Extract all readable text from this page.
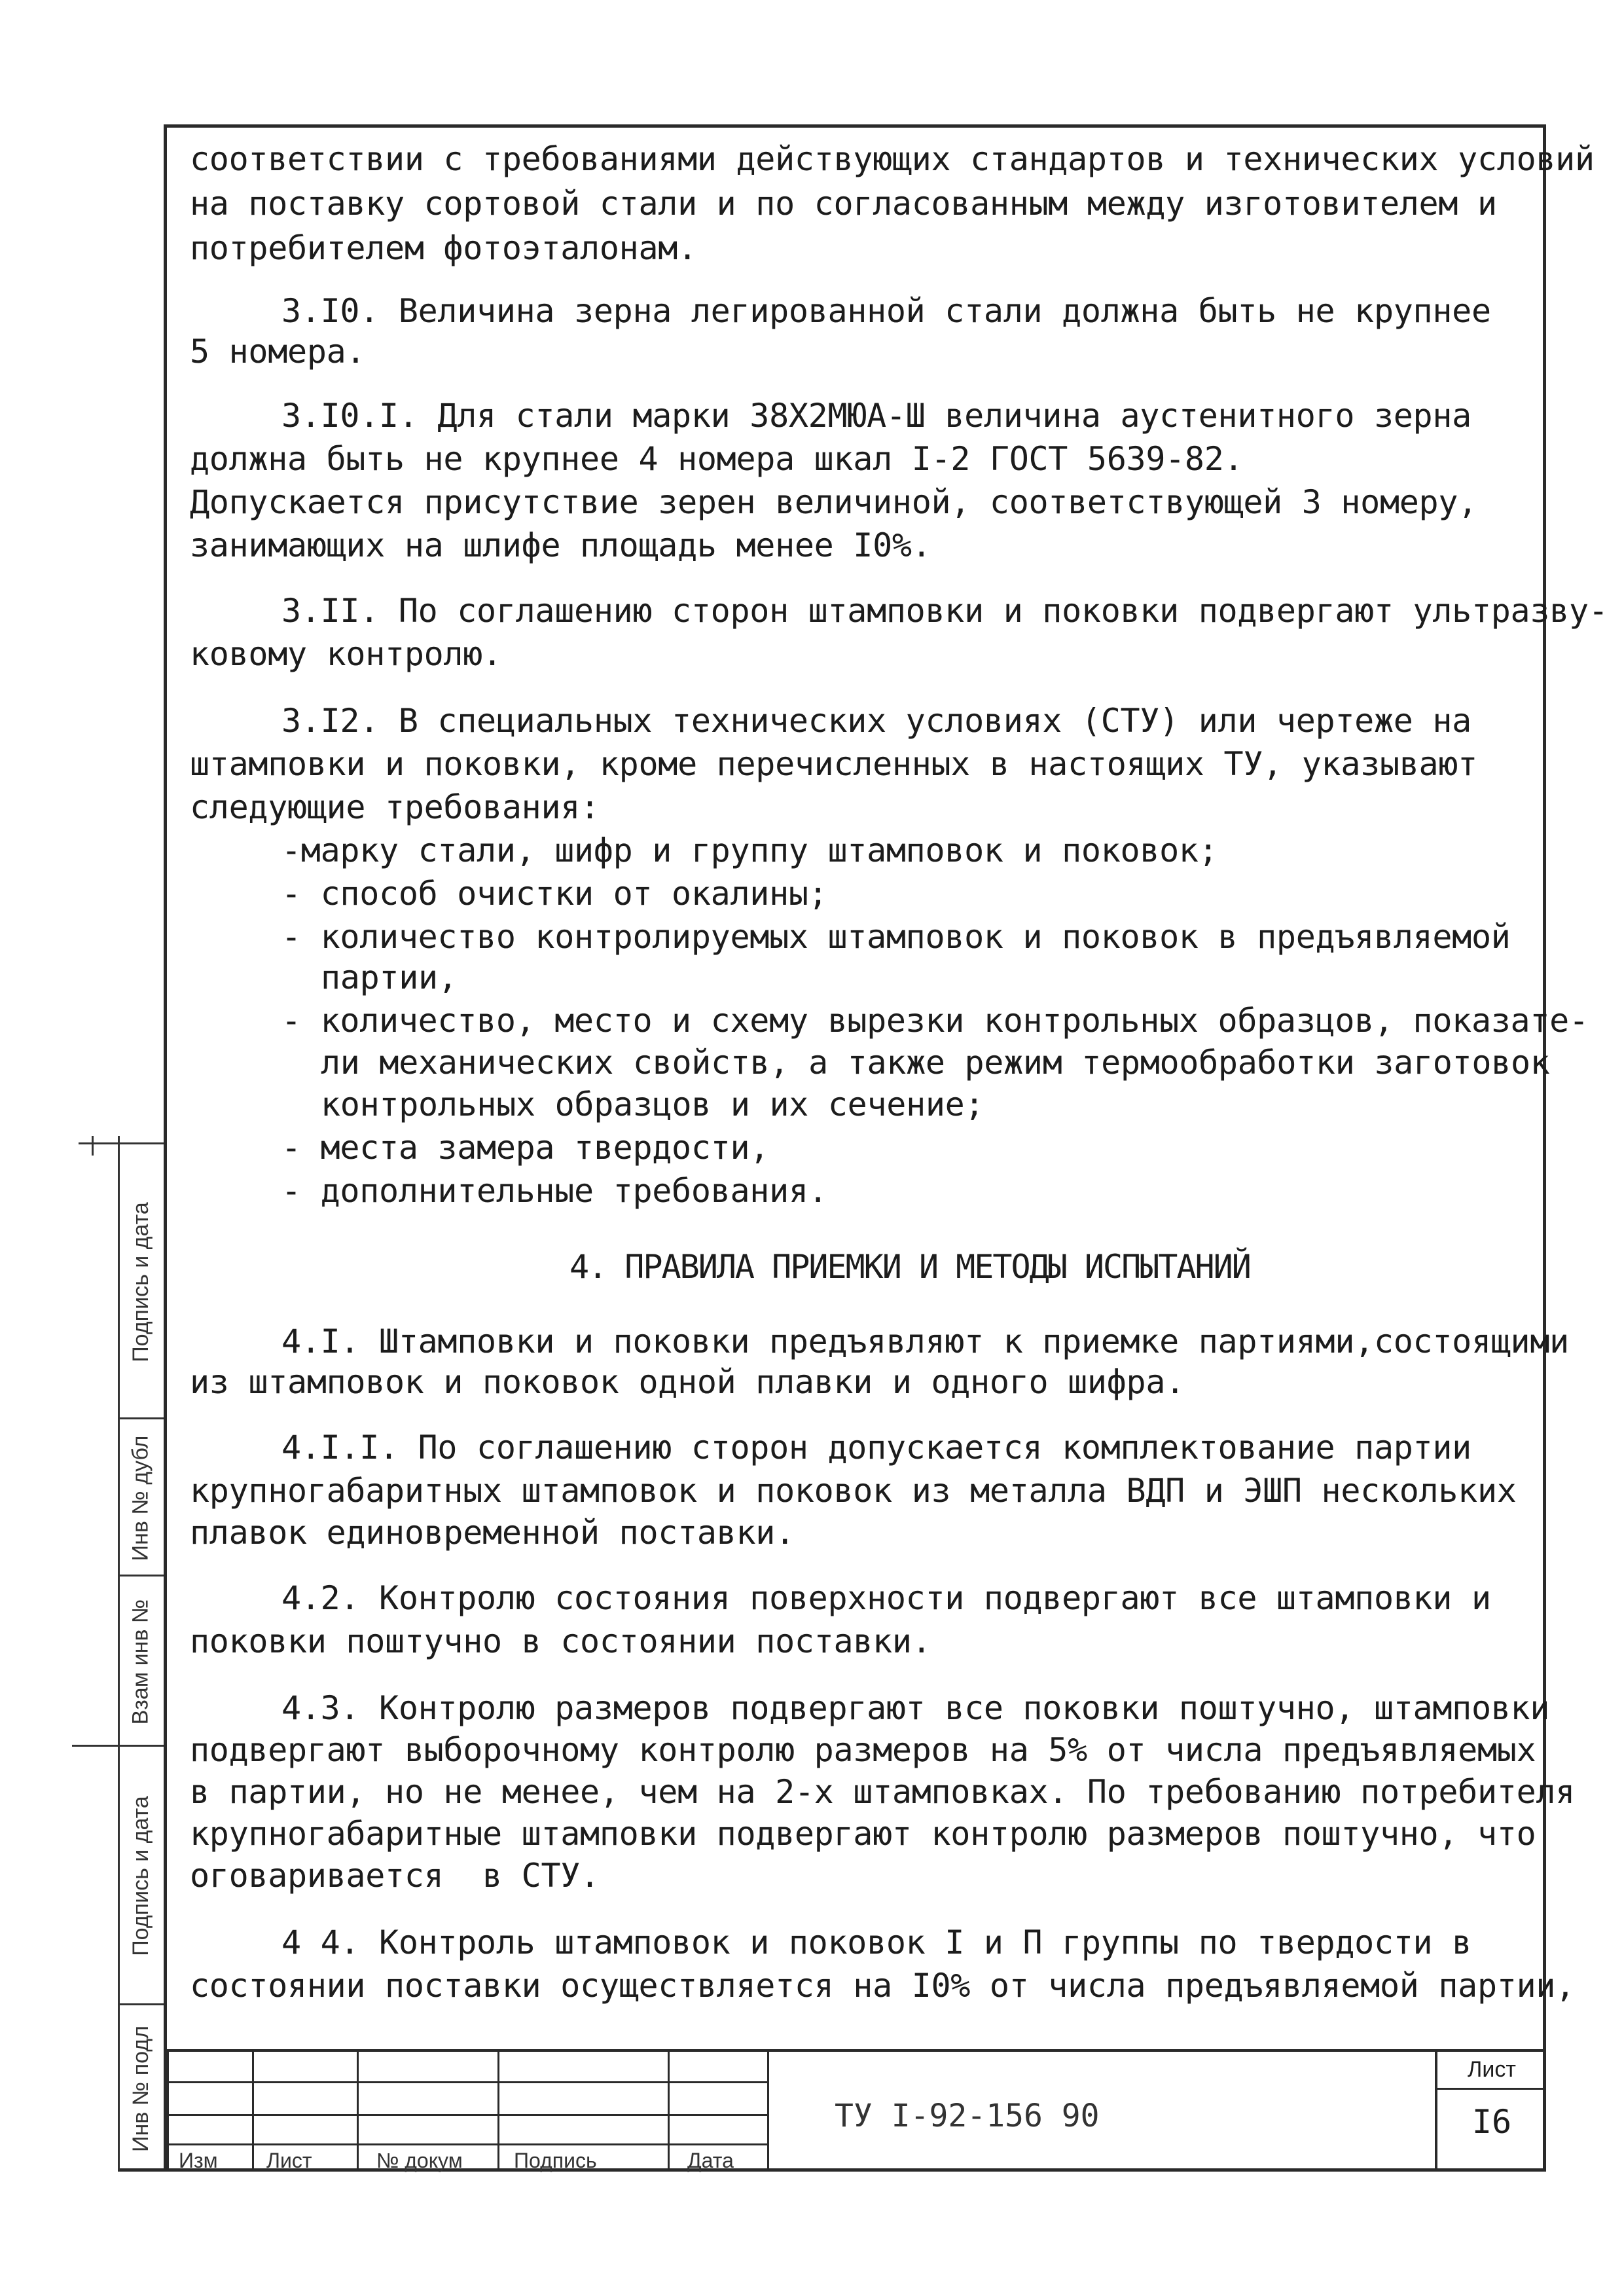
соответствии с требованиями действующих стандартов и технических условий
на поставку сортовой стали и по согласованным между изготовителем и
потребителем фотоэталонам.
3.I0. Величина зерна легированной стали должна быть не крупнее
5 номера.
3.I0.I. Для стали марки 38Х2МЮА-Ш величина аустенитного зерна
должна быть не крупнее 4 номера шкал I-2 ГОСТ 5639-82.
Допускается присутствие зерен величиной, соответствующей 3 номеру,
занимающих на шлифе площадь менее I0%.
3.II. По соглашению сторон штамповки и поковки подвергают ультразву-
ковому контролю.
3.I2. В специальных технических условиях (СТУ) или чертеже на
штамповки и поковки, кроме перечисленных в настоящих ТУ, указывают
следующие требования:
-марку стали, шифр и группу штамповок и поковок;
- способ очистки от окалины;
- количество контролируемых штамповок и поковок в предъявляемой
партии,
- количество, место и схему вырезки контрольных образцов, показате-
ли механических свойств, а также режим термообработки заготовок
контрольных образцов и их сечение;
- места замера твердости,
- дополнительные требования.
4. ПРАВИЛА ПРИЕМКИ И МЕТОДЫ ИСПЫТАНИЙ
4.I. Штамповки и поковки предъявляют к приемке партиями,состоящими
из штамповок и поковок одной плавки и одного шифра.
4.I.I. По соглашению сторон допускается комплектование партии
крупногабаритных штамповок и поковок из металла ВДП и ЭШП нескольких
плавок единовременной поставки.
4.2. Контролю состояния поверхности подвергают все штамповки и
поковки поштучно в состоянии поставки.
4.3. Контролю размеров подвергают все поковки поштучно, штамповки
подвергают выборочному контролю размеров на 5% от числа предъявляемых
в партии, но не менее, чем на 2-х штамповках. По требованию потребителя
крупногабаритные штамповки подвергают контролю размеров поштучно, что
оговаривается  в СТУ.
4 4. Контроль штамповок и поковок I и П группы по твердости в
состоянии поставки осуществляется на I0% от числа предъявляемой партии,
Подпись и дата
Инв № дубл
Взам инв №
Подпись и дата
Инв № подл
Изм Лист	№ докум Подпись	Дата
ТУ I-92-156 90
Лист
I6
